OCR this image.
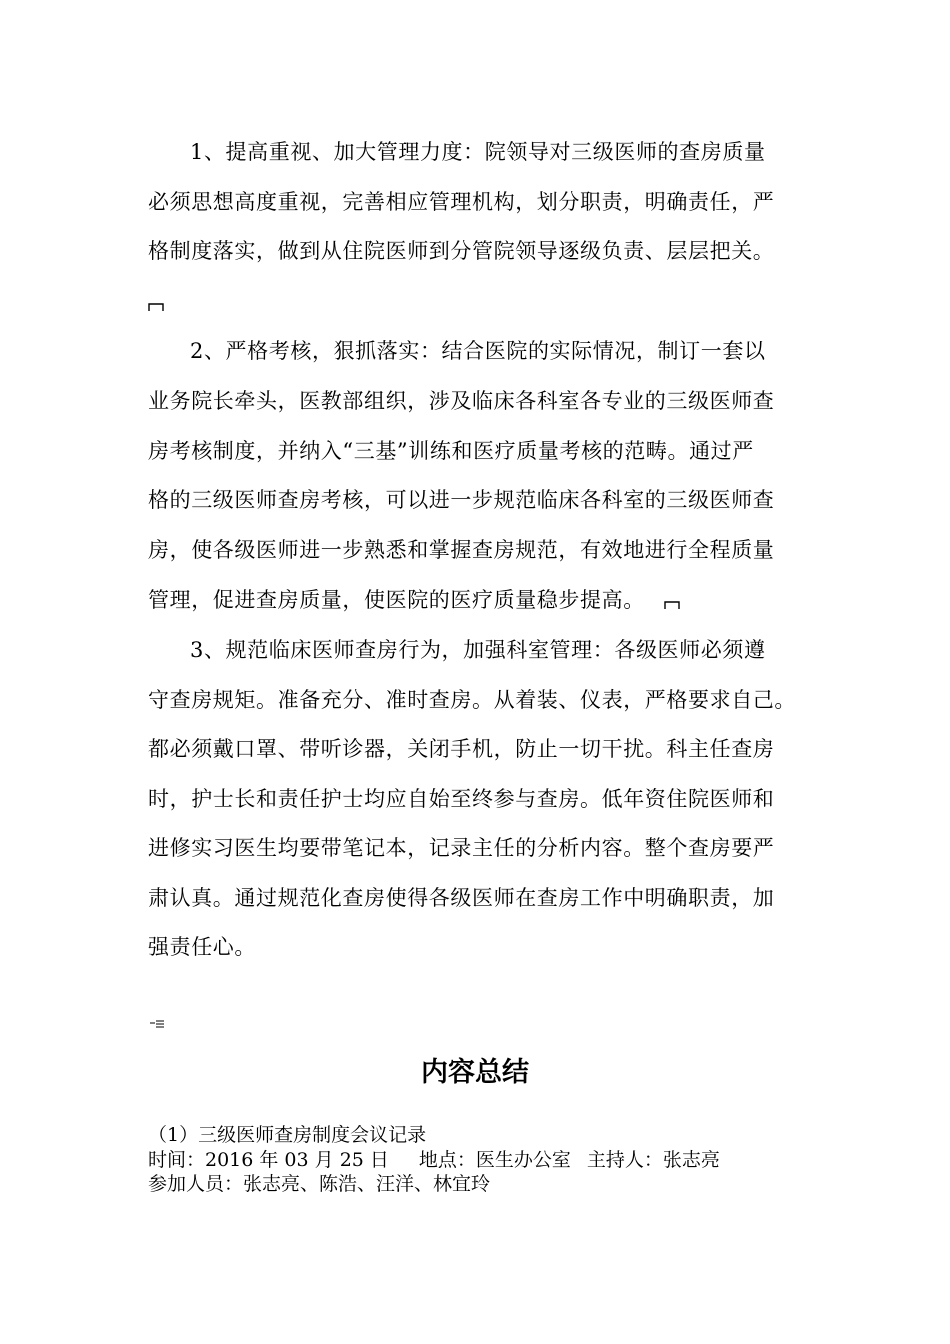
1、提高重视、加大管理力度：院领导对三级医师的查房质量
必须思想高度重视，完善相应管理机构，划分职责，明确责任，严
格制度落实，做到从住院医师到分管院领导逐级负责、层层把关。
2、严格考核，狠抓落实：结合医院的实际情况，制订一套以
业务院长牵头，医教部组织，涉及临床各科室各专业的三级医师查
房考核制度，并纳入“三基”训练和医疗质量考核的范畴。通过严
格的三级医师查房考核，可以进一步规范临床各科室的三级医师查
房，使各级医师进一步熟悉和掌握查房规范，有效地进行全程质量
管理，促进查房质量，使医院的医疗质量稳步提高。
3、规范临床医师查房行为，加强科室管理：各级医师必须遵
守查房规矩。准备充分、准时查房。从着装、仪表，严格要求自己。
都必须戴口罩、带听诊器，关闭手机，防止一切干扰。科主任查房
时，护士长和责任护士均应自始至终参与查房。低年资住院医师和
进修实习医生均要带笔记本，记录主任的分析内容。整个查房要严
肃认真。通过规范化查房使得各级医师在查房工作中明确职责，加
强责任心。
内容总结
（1）三级医师查房制度会议记录
时间：2016 年 03 月 25 日 地点：医生办公室 主持人：张志亮
参加人员：张志亮、陈浩、汪洋、林宜玲
